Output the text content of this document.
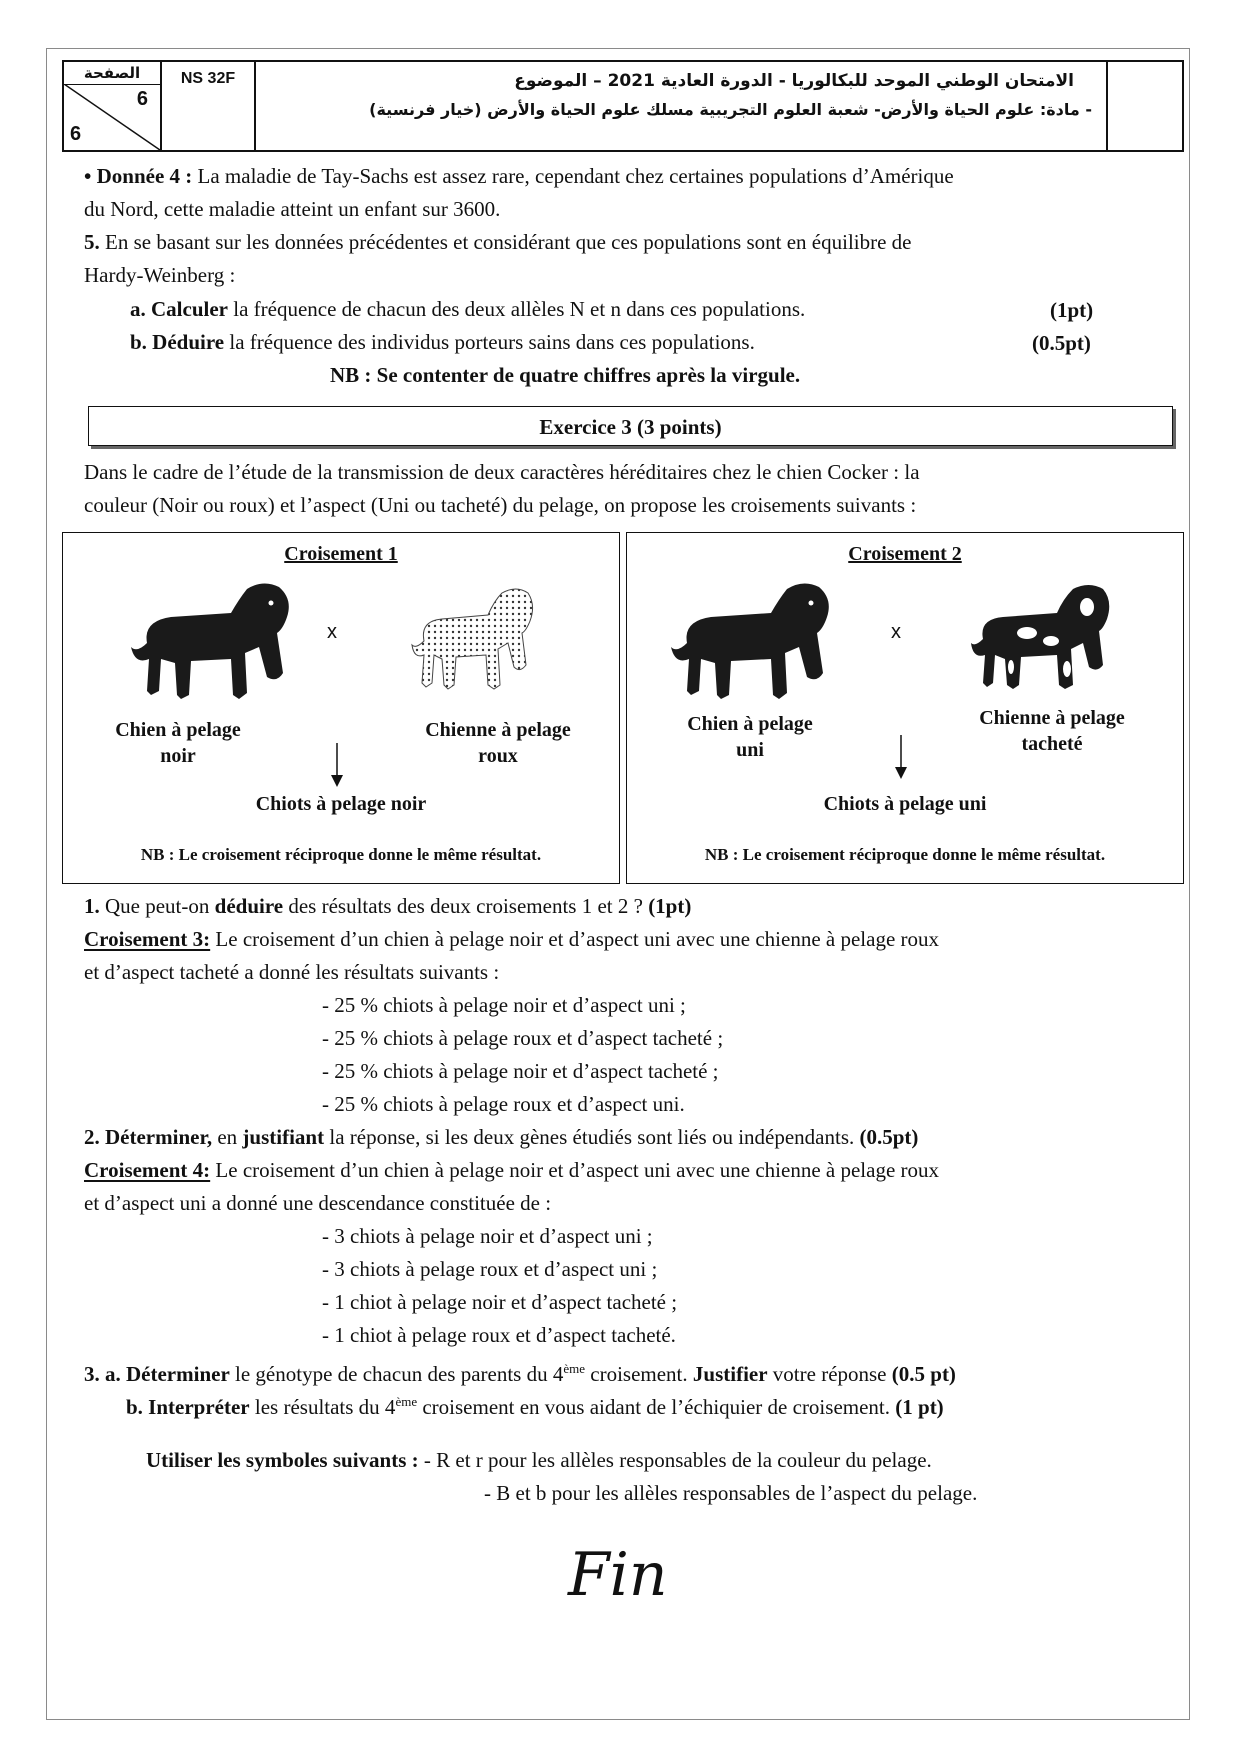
الصفحة
6
6
NS 32F	الامتحان الوطني الموحد للبكالوريا - الدورة العادية 2021 – الموضوع
- مادة: علوم الحياة والأرض- شعبة العلوم التجريبية مسلك علوم الحياة والأرض (خيار فرنسية)
• Donnée 4 : La maladie de Tay-Sachs est assez rare, cependant chez certaines populations d’Amérique
du Nord, cette maladie atteint un enfant sur 3600.
5. En se basant sur les données précédentes et considérant que ces populations sont en équilibre de
Hardy-Weinberg :
a. Calculer la fréquence de chacun des deux allèles N et n dans ces populations.	(1pt)
b. Déduire la fréquence des individus porteurs sains dans ces populations.	(0.5pt)
NB : Se contenter de quatre chiffres après la virgule.
Exercice 3 (3 points)
Dans le cadre de l’étude de la transmission de deux caractères héréditaires chez le chien Cocker : la
couleur (Noir ou roux) et l’aspect (Uni ou tacheté) du pelage, on propose les croisements suivants :
Croisement 1
x
Chien à pelage
noir
Chienne à pelage
roux
Chiots à pelage noir
NB : Le croisement réciproque donne le même résultat.
Croisement 2
x
Chien à pelage
uni
Chienne à pelage
tacheté
Chiots à pelage uni
NB : Le croisement réciproque donne le même résultat.
1. Que peut-on déduire des résultats des deux croisements 1 et 2 ? (1pt)
Croisement 3: Le croisement d’un chien à pelage noir et d’aspect uni avec une chienne à pelage roux
et d’aspect tacheté a donné les résultats suivants :
- 25 % chiots à pelage noir et d’aspect uni ;
- 25 % chiots à pelage roux et d’aspect tacheté ;
- 25 % chiots à pelage noir et d’aspect tacheté ;
- 25 % chiots à pelage roux et d’aspect uni.
2. Déterminer, en justifiant la réponse, si les deux gènes étudiés sont liés ou indépendants. (0.5pt)
Croisement 4: Le croisement d’un chien à pelage noir et d’aspect uni avec une chienne à pelage roux
et d’aspect uni a donné une descendance constituée de :
- 3 chiots à pelage noir et d’aspect uni ;
- 3 chiots à pelage roux et d’aspect uni ;
- 1 chiot à pelage noir et d’aspect tacheté ;
- 1 chiot à pelage roux et d’aspect tacheté.
3. a. Déterminer le génotype de chacun des parents du 4ème croisement. Justifier votre réponse (0.5 pt)
b. Interpréter les résultats du 4ème croisement en vous aidant de l’échiquier de croisement. (1 pt)
Utiliser les symboles suivants : - R et r pour les allèles responsables de la couleur du pelage.
- B et b pour les allèles responsables de l’aspect du pelage.
Fin
